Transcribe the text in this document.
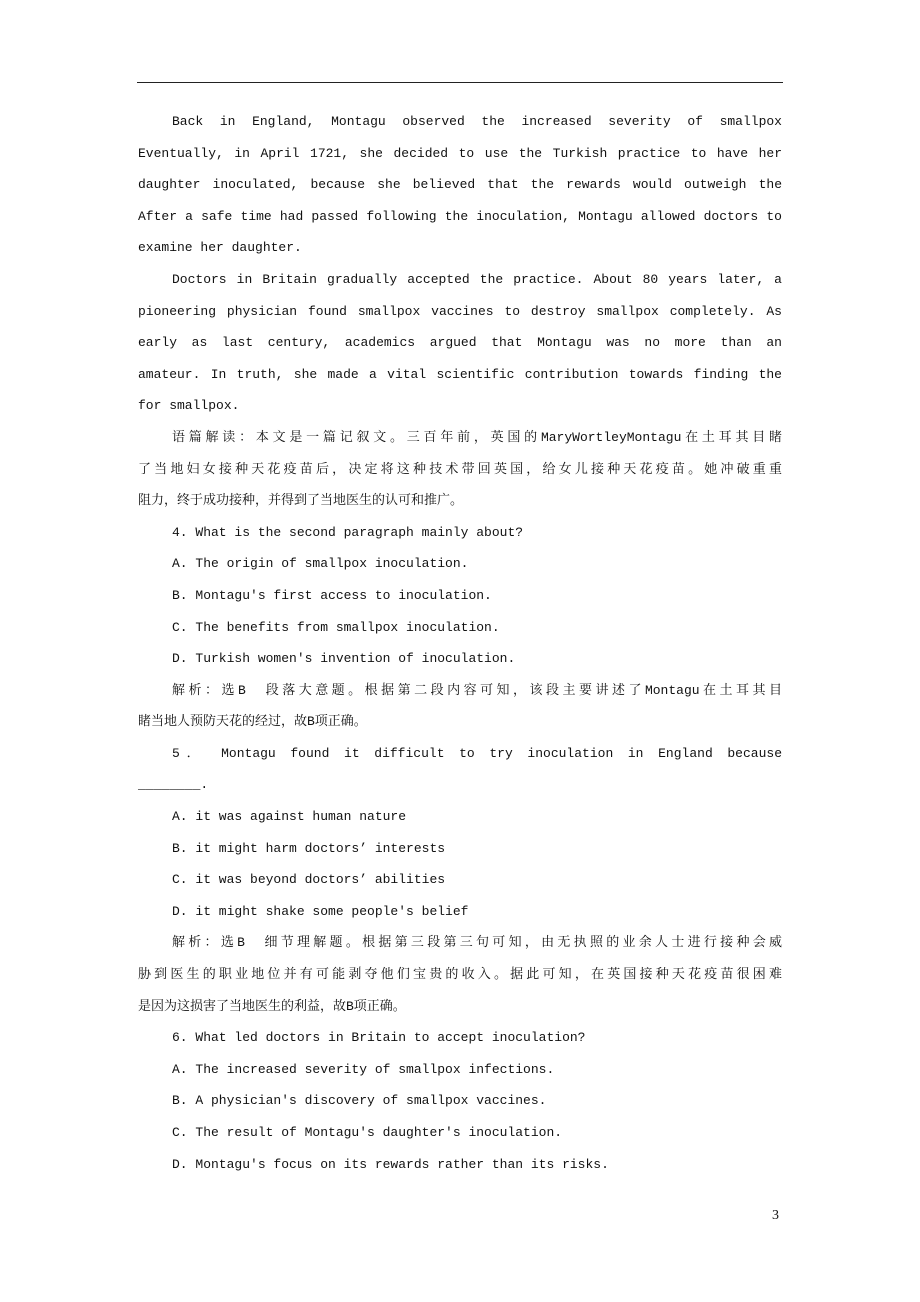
Back in England, Montagu observed the increased severity of smallpox
Eventually, in April 1721, she decided to use the Turkish practice to have her
daughter inoculated, because she believed that the rewards would outweigh the
After a safe time had passed following the inoculation, Montagu allowed doctors to
examine her daughter.
Doctors in Britain gradually accepted the practice. About 80 years later, a
pioneering physician found smallpox vaccines to destroy smallpox completely. As
early as last century, academics argued that Montagu was no more than an
amateur. In truth, she made a vital scientific contribution towards finding the
for smallpox.
语篇解读：本文是一篇记叙文。三百年前，英国的MaryWortleyMontagu在土耳其目睹
了当地妇女接种天花疫苗后，决定将这种技术带回英国，给女儿接种天花疫苗。她冲破重重
阻力，终于成功接种，并得到了当地医生的认可和推广。
4. What is the second paragraph mainly about?
A. The origin of smallpox inoculation.
B. Montagu's first access to inoculation.
C. The benefits from smallpox inoculation.
D. Turkish women's invention of inoculation.
解析：选B　段落大意题。根据第二段内容可知，该段主要讲述了Montagu在土耳其目
睹当地人预防天花的经过，故B项正确。
5． Montagu found it difficult to try inoculation in England because
________.
A. it was against human nature
B. it might harm doctors’ interests
C. it was beyond doctors’ abilities
D. it might shake some people's belief
解析：选B　细节理解题。根据第三段第三句可知，由无执照的业余人士进行接种会威
胁到医生的职业地位并有可能剥夺他们宝贵的收入。据此可知，在英国接种天花疫苗很困难
是因为这损害了当地医生的利益，故B项正确。
6. What led doctors in Britain to accept inoculation?
A. The increased severity of smallpox infections.
B. A physician's discovery of smallpox vaccines.
C. The result of Montagu's daughter's inoculation.
D. Montagu's focus on its rewards rather than its risks.
3
